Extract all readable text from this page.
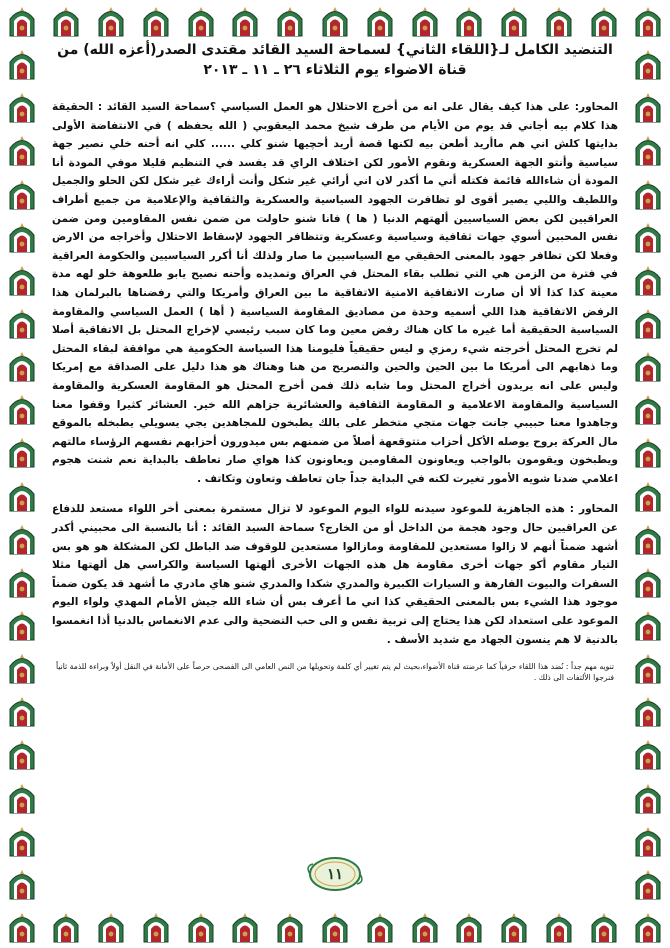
التنضيد الكامل لـ{اللقاء الثاني} لسماحة السيد القائد مقتدى الصدر(أعزه الله) من
قناة الاضواء يوم الثلاثاء ٢٦ ـ ١١ ـ ٢٠١٣

المحاور: على هذا كيف يقال على انه من أخرج الاحتلال هو العمل السياسي ؟سماحة السيد القائد : الحقيقة هذا كلام بيه أجاني قد يوم من الأيام من طرف شيخ محمد اليعقوبي ( الله يحفظه ) في الانتفاضة الأولى بدايتها كلش اني هم ماأريد أطعن بيه لكنها قصة أريد أحچيها شنو كلي ...... كلي انه أحنه خلي نصير جهة سياسية وأنتو الجهة العسكرية ونقوم الأمور لكن اختلاف الراي قد يفسد في التنظيم قليلا موفي المودة أنا المودة أن شاءالله قائمة فكتله أني ما أكدر لان اني أرائي غير شكل وأنت أراءك غير شكل لكن الحلو والجميل واللطيف والليي يصير أقوى لو تظافرت الجهود السياسية والعسكرية والثقافية والإعلامية من جميع أطراف العراقيين لكن بعض السياسيين ألهتهم الدنيا ( ها ) فانا شنو حاولت من ضمن نفس المقاومين ومن ضمن نفس المحبين أسوي جهات ثقافية وسياسية وعسكرية وتتظافر الجهود لإسقاط الاحتلال وأخراجه من الارض وفعلا لكن تظافر جهود بالمعنى الحقيقي مع السياسيين ما صار ولذلك أنا أكرر السياسيين والحكومة العراقية في فترة من الزمن هي التي تطلب بقاء المحتل في العراق وتمديده وأحنه نصيح يابو طلعوهة خلو لهه مدة معينة كذا كذا ألا أن صارت الاتفاقية الامنية الاتفاقية ما بين العراق وأمريكا والتي رفضناها بالبرلمان هذا الرفض الاتفاقية هذا اللي أسميه وحدة من مصاديق المقاومة السياسية ( أها ) العمل السياسي والمقاومة السياسية الحقيقية أما غيره ما كان هناك رفض معين وما كان سبب رئيسي لإخراج المحتل بل الاتفاقية أصلا لم تخرج المحتل أخرجته شيء رمزي و ليس حقيقياً فليومنا هذا السياسة الحكومية هي موافقة لبقاء المحتل وما ذهابهم الى أمريكا ما بين الحين والحين والتصريح من هنا وهناك هو هذا دليل على الصداقة مع إمريكا وليس على انه يريدون أخراج المحتل وما شابه ذلك فمن أخرج المحتل هو المقاومة العسكرية والمقاومة السياسية والمقاومة الاعلامية و المقاومة الثقافية والعشائرية جزاهم الله خير. العشائر كثيرا وقفوا معنا وجاهدوا معنا حبيبي جانت جهات متجي متخطر على بالك يطبخون للمجاهدين يجي يسويلي يطبخله بالموقع مال العركة يروح يوصله الأكل أحزاب متتوقعهة أصلاً من ضمنهم بس ميدورون أحزابهم نفسهم الرؤساء مالتهم ويطبخون ويقومون بالواجب ويعاونون المقاومين ويعاونون كذا هواي صار تعاطف بالبداية نعم شنت هجوم اعلامي ضدنا شويه الأمور تغيرت لكنه في البداية جداً جان تعاطف وتعاون وتكاتف .

المحاور : هذه الجاهزية للموعود سيدنه للواء اليوم الموعود لا تزال مستمرة بمعنى أخر اللواء مستعد للدفاع عن العراقيين حال وجود هجمة من الداخل أو من الخارج؟ سماحة السيد القائد : أنا بالنسبة الى محبيني أكدر أشهد ضمناً أنهم لا زالوا مستعدين للمقاومة ومازالوا مستعدين للوقوف ضد الباطل لكن المشكلة هو هو بس التيار مقاوم أكو جهات أخرى مقاومة هل هذه الجهات الأخرى ألهتها السياسة والكراسي هل ألهتها مثلا السفرات والبيوت الفارهة و السيارات الكبيرة والمدري شكدا والمدري شنو هاي مادري ما أشهد قد يكون ضمناً موجود هذا الشيء بس بالمعنى الحقيقي كذا اني ما أعرف بس أن شاء الله جيش الأمام المهدي ولواء اليوم الموعود على استعداد لكن هذا يحتاج إلى تربية نفس و الى حب التضحية والى عدم الانغماس بالدنيا أذا انغمسوا بالدنية لا هم ينسون الجهاد مع شديد الأسف .

تنويه مهم جداً : نُضد هذا اللقاء حرفياً كما عرضته قناة الأضواء،بحيث لم يتم تغيير أي كلمة وتحويلها من النص العامي الى الفصحى حرصاً على الأمانة في النقل أولاً وبراءة للذمة ثانياً فنرجوا الألتفات الى ذلك .

١١
